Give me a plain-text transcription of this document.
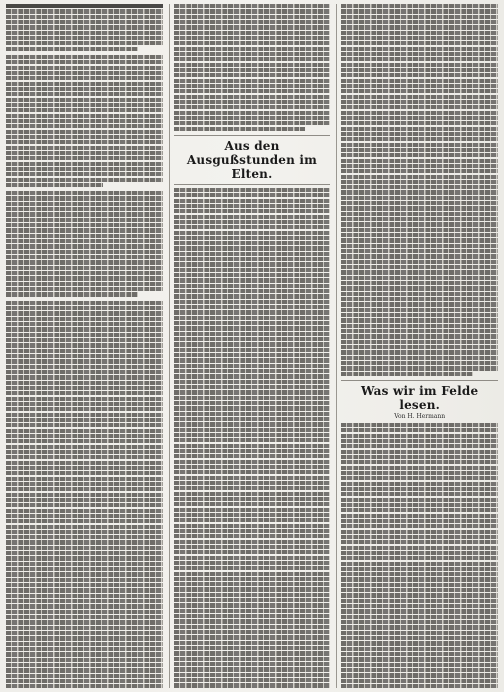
Aus den Ausgußstunden im Elten.
Was wir im Felde lesen.
Von H. Hermann
